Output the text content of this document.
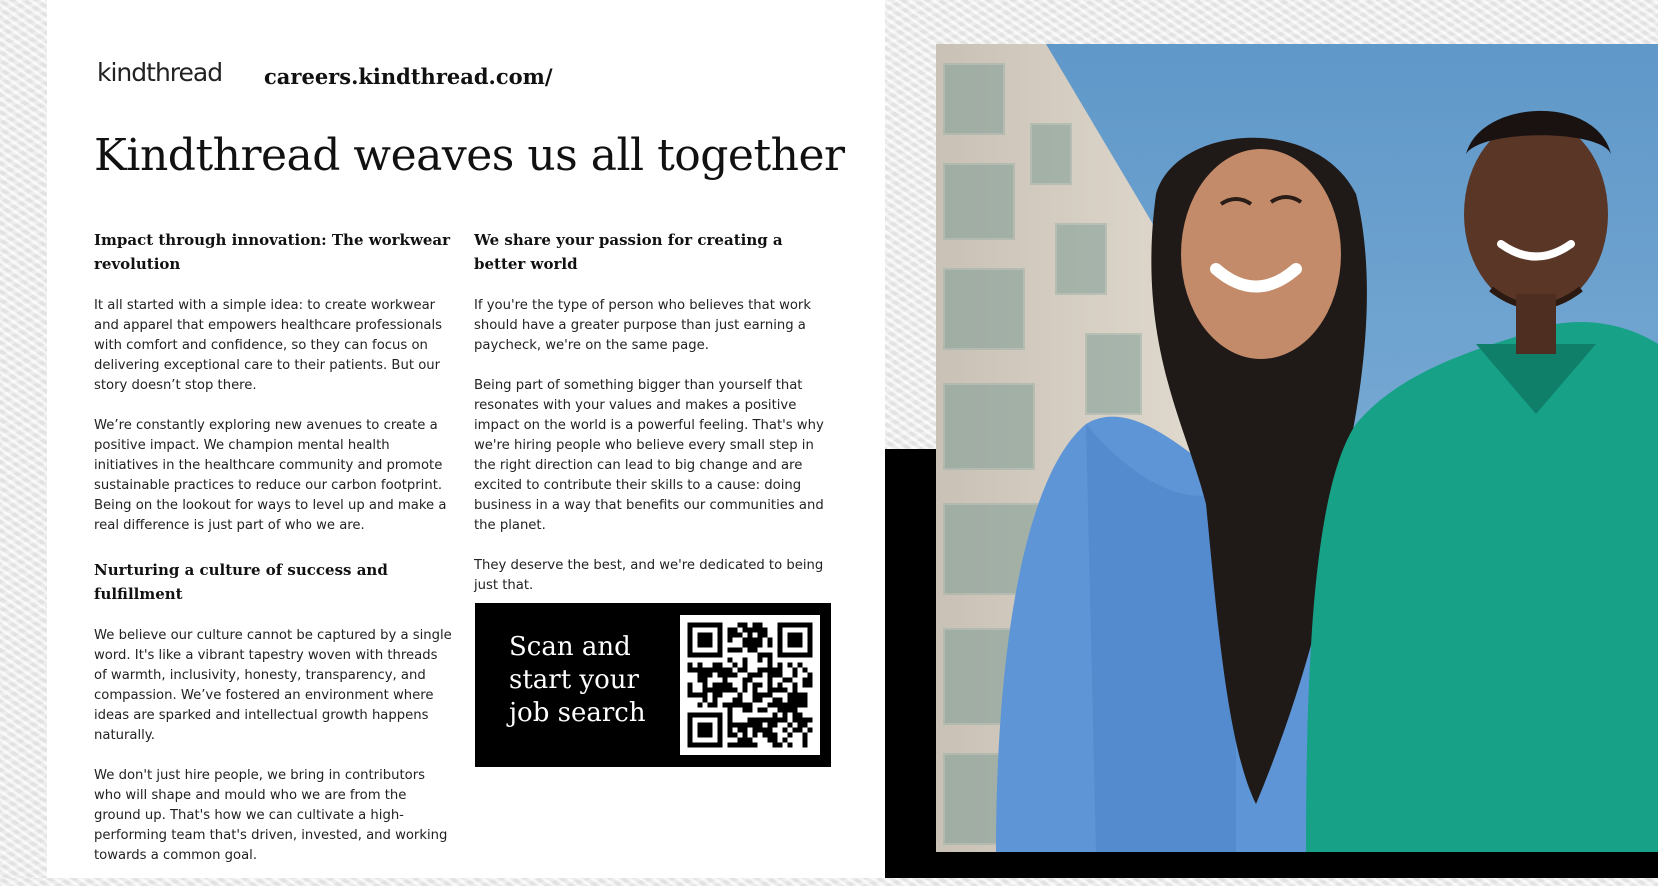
kindthread careers.kindthread.com/
Kindthread weaves us all together
Impact through innovation: The workwear revolution

It all started with a simple idea: to create workwear and apparel that empowers healthcare professionals with comfort and confidence, so they can focus on delivering exceptional care to their patients. But our story doesn’t stop there.

We’re constantly exploring new avenues to create a positive impact. We champion mental health initiatives in the healthcare community and promote sustainable practices to reduce our carbon footprint. Being on the lookout for ways to level up and make a real difference is just part of who we are.

Nurturing a culture of success and fulfillment

We believe our culture cannot be captured by a single word. It's like a vibrant tapestry woven with threads of warmth, inclusivity, honesty, transparency, and compassion. We’ve fostered an environment where ideas are sparked and intellectual growth happens naturally.

We don't just hire people, we bring in contributors who will shape and mould who we are from the ground up. That's how we can cultivate a high-performing team that's driven, invested, and working towards a common goal.

We share your passion for creating a better world

If you're the type of person who believes that work should have a greater purpose than just earning a paycheck, we're on the same page.

Being part of something bigger than yourself that resonates with your values and makes a positive impact on the world is a powerful feeling. That's why we're hiring people who believe every small step in the right direction can lead to big change and are excited to contribute their skills to a cause: doing business in a way that benefits our communities and the planet.

They deserve the best, and we're dedicated to being just that.

Scan and
start your
job search
